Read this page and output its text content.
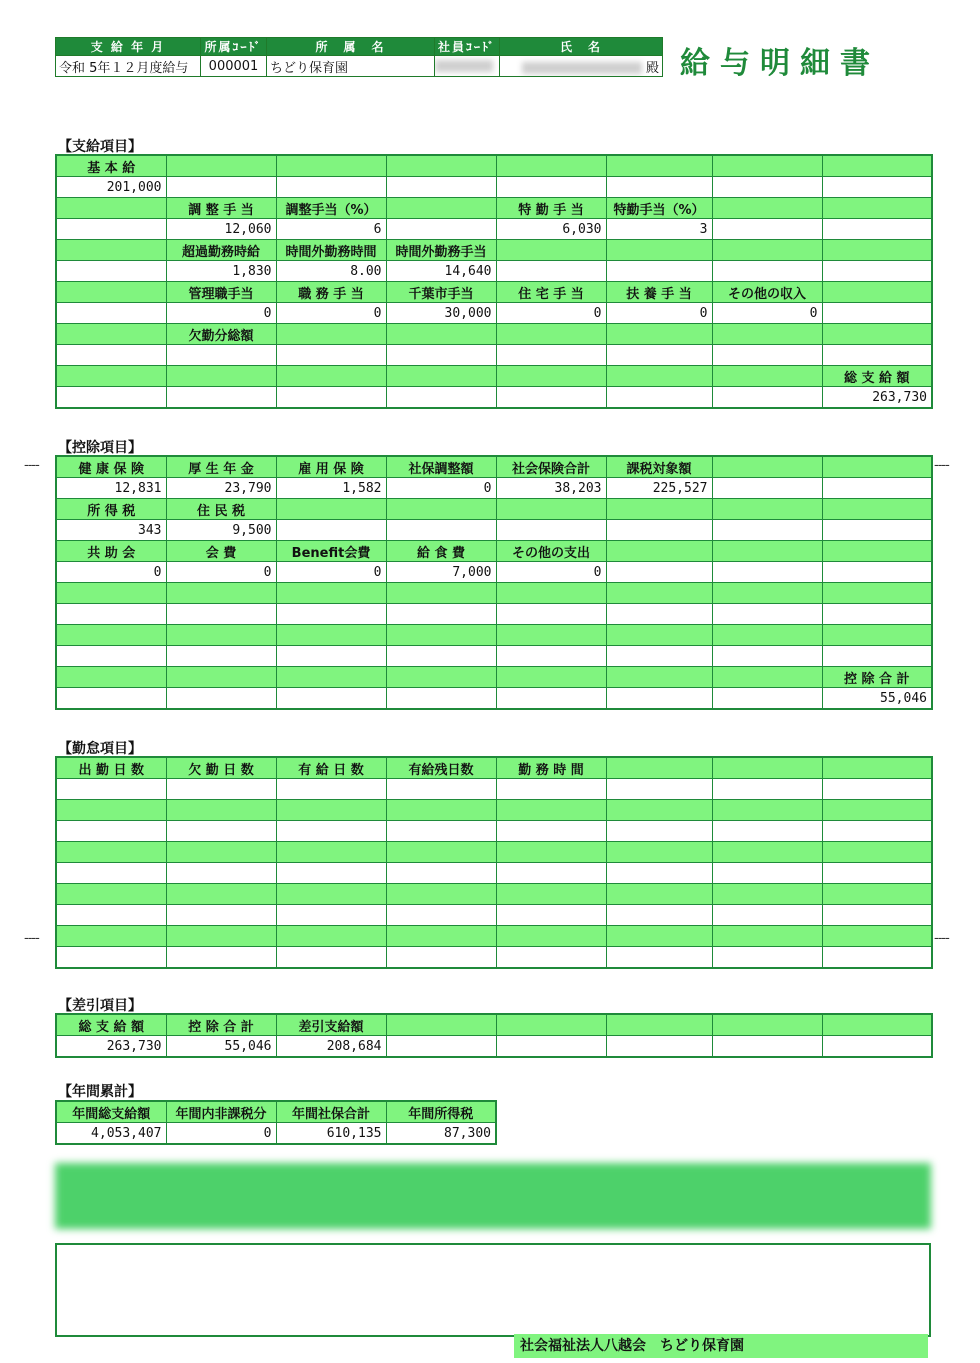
支 給 年 月	所属ｺｰﾄﾞ	所　属　名	社員ｺｰﾄﾞ	氏　名
令和 5年１２月度給与	000001	ちどり保育園		殿 給与明細書
【支給項目】
基 本 給							
201,000							
	調 整 手 当	調整手当（%）		特 勤 手 当	特勤手当（%）		
	12,060	6		6,030	3		
	超過勤務時給	時間外勤務時間	時間外勤務手当				
	1,830	8.00	14,640				
	管理職手当	職 務 手 当	千葉市手当	住 宅 手 当	扶 養 手 当	その他の収入	
	0	0	30,000	0	0	0	
	欠勤分総額						

							総 支 給 額
							263,730
【控除項目】
----	----
健 康 保 険	厚 生 年 金	雇 用 保 険	社保調整額	社会保険合計	課税対象額		
12,831	23,790	1,582	0	38,203	225,527		
所 得 税	住 民 税						
343	9,500						
共 助 会	会 費	Benefit会費	給 食 費	その他の支出			
0	0	0	7,000	0			

							控 除 合 計
							55,046
【勤怠項目】
出 勤 日 数	欠 勤 日 数	有 給 日 数	有給残日数	勤 務 時 間			

----	----
【差引項目】
総 支 給 額	控 除 合 計	差引支給額					
263,730	55,046	208,684					
【年間累計】
年間総支給額	年間内非課税分	年間社保合計	年間所得税
4,053,407	0	610,135	87,300
社会福祉法人八越会　ちどり保育園
